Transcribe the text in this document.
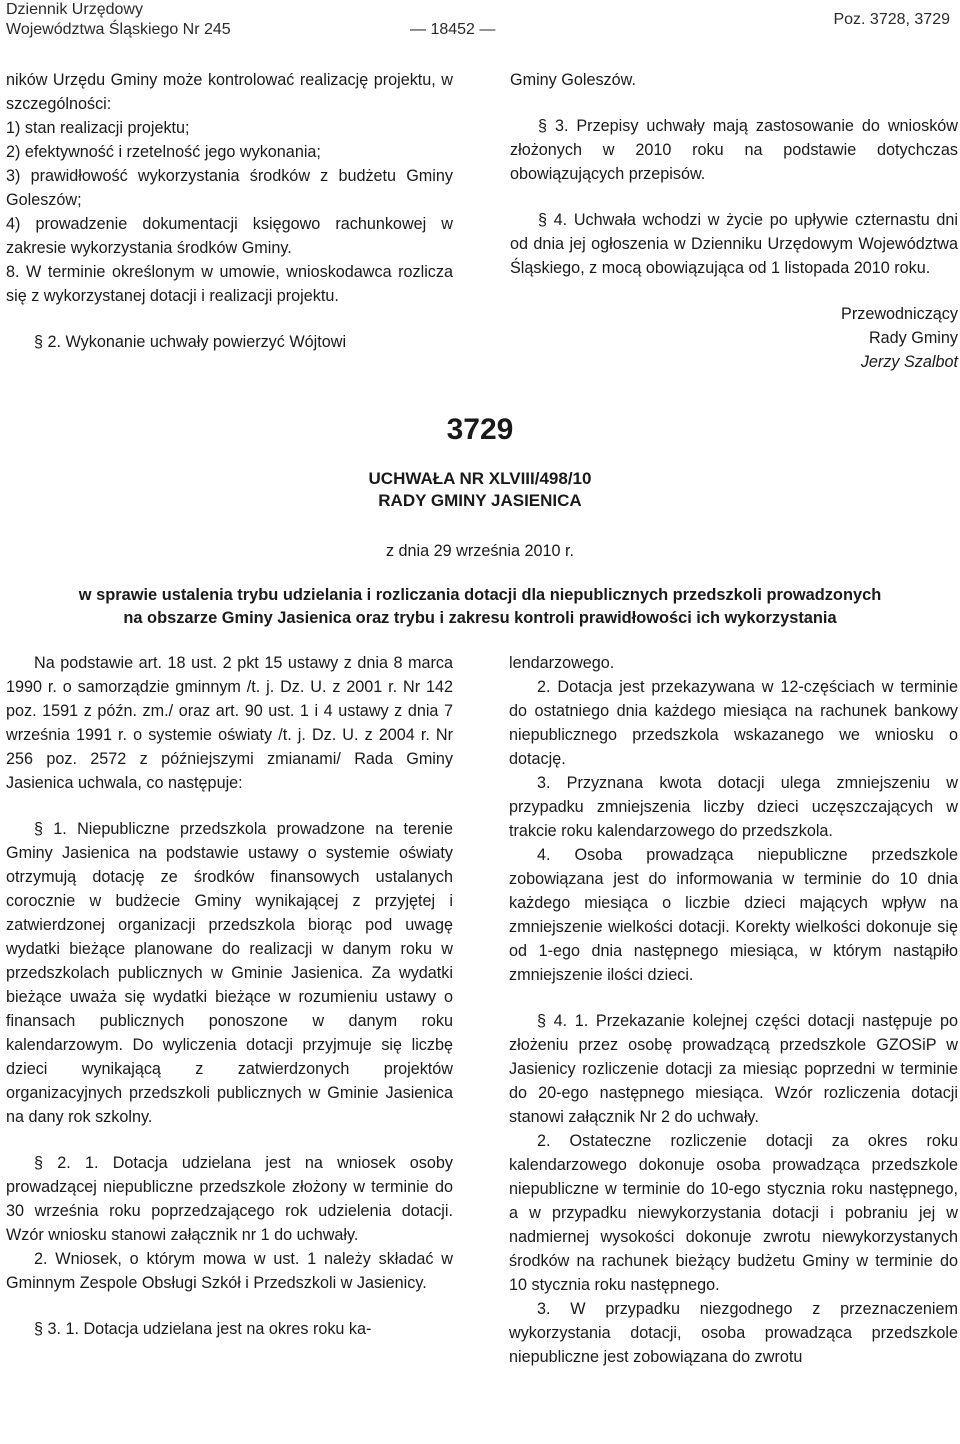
Dziennik Urzędowy
Województwa Śląskiego Nr 245	— 18452 —
Poz. 3728, 3729

ników Urzędu Gminy może kontrolować realizację projektu, w szczególności:

1) stan realizacji projektu;

2) efektywność i rzetelność jego wykonania;

3) prawidłowość wykorzystania środków z budżetu Gminy Goleszów;

4) prowadzenie dokumentacji księgowo rachunkowej w zakresie wykorzystania środków Gminy.

8. W terminie określonym w umowie, wnioskodawca rozlicza się z wykorzystanej dotacji i realizacji projektu.

§ 2. Wykonanie uchwały powierzyć Wójtowi

Gminy Goleszów.

§ 3. Przepisy uchwały mają zastosowanie do wniosków złożonych w 2010 roku na podstawie dotychczas obowiązujących przepisów.

§ 4. Uchwała wchodzi w życie po upływie czternastu dni od dnia jej ogłoszenia w Dzienniku Urzędowym Województwa Śląskiego, z mocą obowiązująca od 1 listopada 2010 roku.

Przewodniczący
Rady Gminy
Jerzy Szalbot
3729
UCHWAŁA NR XLVIII/498/10
RADY GMINY JASIENICA
z dnia 29 września 2010 r.
w sprawie ustalenia trybu udzielania i rozliczania dotacji dla niepublicznych przedszkoli prowadzonych
na obszarze Gminy Jasienica oraz trybu i zakresu kontroli prawidłowości ich wykorzystania

Na podstawie art. 18 ust. 2 pkt 15 ustawy z dnia 8 marca 1990 r. o samorządzie gminnym /t. j. Dz. U. z 2001 r. Nr 142 poz. 1591 z późn. zm./ oraz art. 90 ust. 1 i 4 ustawy z dnia 7 września 1991 r. o systemie oświaty /t. j. Dz. U. z 2004 r. Nr 256 poz. 2572 z późniejszymi zmianami/ Rada Gminy Jasienica uchwala, co następuje:

§ 1. Niepubliczne przedszkola prowadzone na terenie Gminy Jasienica na podstawie ustawy o systemie oświaty otrzymują dotację ze środków finansowych ustalanych corocznie w budżecie Gminy wynikającej z przyjętej i zatwierdzonej organizacji przedszkola biorąc pod uwagę wydatki bieżące planowane do realizacji w danym roku w przedszkolach publicznych w Gminie Jasienica. Za wydatki bieżące uważa się wydatki bieżące w rozumieniu ustawy o finansach publicznych ponoszone w danym roku kalendarzowym. Do wyliczenia dotacji przyjmuje się liczbę dzieci wynikającą z zatwierdzonych projektów organizacyjnych przedszkoli publicznych w Gminie Jasienica na dany rok szkolny.

§ 2. 1. Dotacja udzielana jest na wniosek osoby prowadzącej niepubliczne przedszkole złożony w terminie do 30 września roku poprzedzającego rok udzielenia dotacji. Wzór wniosku stanowi załącznik nr 1 do uchwały.

2. Wniosek, o którym mowa w ust. 1 należy składać w Gminnym Zespole Obsługi Szkół i Przedszkoli w Jasienicy.

§ 3. 1. Dotacja udzielana jest na okres roku ka-

lendarzowego.

2. Dotacja jest przekazywana w 12-częściach w terminie do ostatniego dnia każdego miesiąca na rachunek bankowy niepublicznego przedszkola wskazanego we wniosku o dotację.

3. Przyznana kwota dotacji ulega zmniejszeniu w przypadku zmniejszenia liczby dzieci uczęszczających w trakcie roku kalendarzowego do przedszkola.

4. Osoba prowadząca niepubliczne przedszkole zobowiązana jest do informowania w terminie do 10 dnia każdego miesiąca o liczbie dzieci mających wpływ na zmniejszenie wielkości dotacji. Korekty wielkości dokonuje się od 1-ego dnia następnego miesiąca, w którym nastąpiło zmniejszenie ilości dzieci.

§ 4. 1. Przekazanie kolejnej części dotacji następuje po złożeniu przez osobę prowadzącą przedszkole GZOSiP w Jasienicy rozliczenie dotacji za miesiąc poprzedni w terminie do 20-ego następnego miesiąca. Wzór rozliczenia dotacji stanowi załącznik Nr 2 do uchwały.

2. Ostateczne rozliczenie dotacji za okres roku kalendarzowego dokonuje osoba prowadząca przedszkole niepubliczne w terminie do 10-ego stycznia roku następnego, a w przypadku niewykorzystania dotacji i pobraniu jej w nadmiernej wysokości dokonuje zwrotu niewykorzystanych środków na rachunek bieżący budżetu Gminy w terminie do 10 stycznia roku następnego.

3. W przypadku niezgodnego z przeznaczeniem wykorzystania dotacji, osoba prowadząca przedszkole niepubliczne jest zobowiązana do zwrotu
